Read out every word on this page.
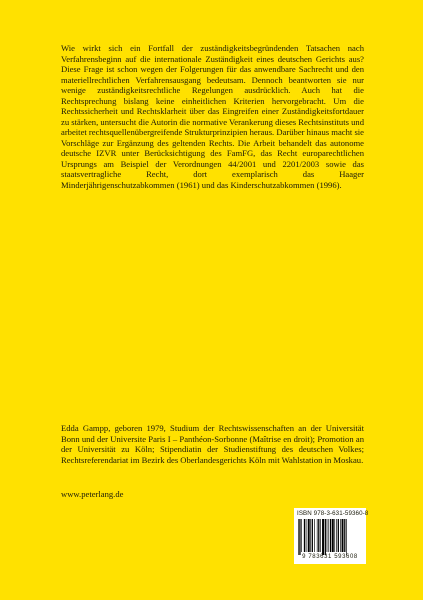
Wie wirkt sich ein Fortfall der zuständigkeitsbegründenden Tatsachen nach Verfahrensbeginn auf die internationale Zuständigkeit eines deutschen Gerichts aus? Diese Frage ist schon wegen der Folgerungen für das anwendbare Sachrecht und den materiellrechtlichen Verfahrensausgang bedeutsam. Dennoch beantworten sie nur wenige zuständigkeitsrechtliche Regelungen ausdrücklich. Auch hat die Rechtsprechung bislang keine einheitlichen Kriterien hervorgebracht. Um die Rechtssicherheit und Rechtsklarheit über das Eingreifen einer Zuständigkeitsfortdauer zu stärken, untersucht die Autorin die normative Verankerung dieses Rechtsinstituts und arbeitet rechtsquellenübergreifende Strukturprinzipien heraus. Darüber hinaus macht sie Vorschläge zur Ergänzung des geltenden Rechts. Die Arbeit behandelt das autonome deutsche IZVR unter Berücksichtigung des FamFG, das Recht europarechtlichen Ursprungs am Beispiel der Verordnungen 44/2001 und 2201/2003 sowie das staatsvertragliche Recht, dort exemplarisch das Haager Minderjährigenschutzabkommen (1961) und das Kinderschutzabkommen (1996).

Edda Gampp, geboren 1979, Studium der Rechtswissenschaften an der Universität Bonn und der Universite Paris I – Panthéon-Sorbonne (Maîtrise en droit); Promotion an der Universität zu Köln; Stipendiatin der Studienstiftung des deutschen Volkes; Rechtsreferendariat im Bezirk des Oberlandesgerichts Köln mit Wahlstation in Moskau.

www.peterlang.de
ISBN 978-3-631-59360-8
9 783631 593608
